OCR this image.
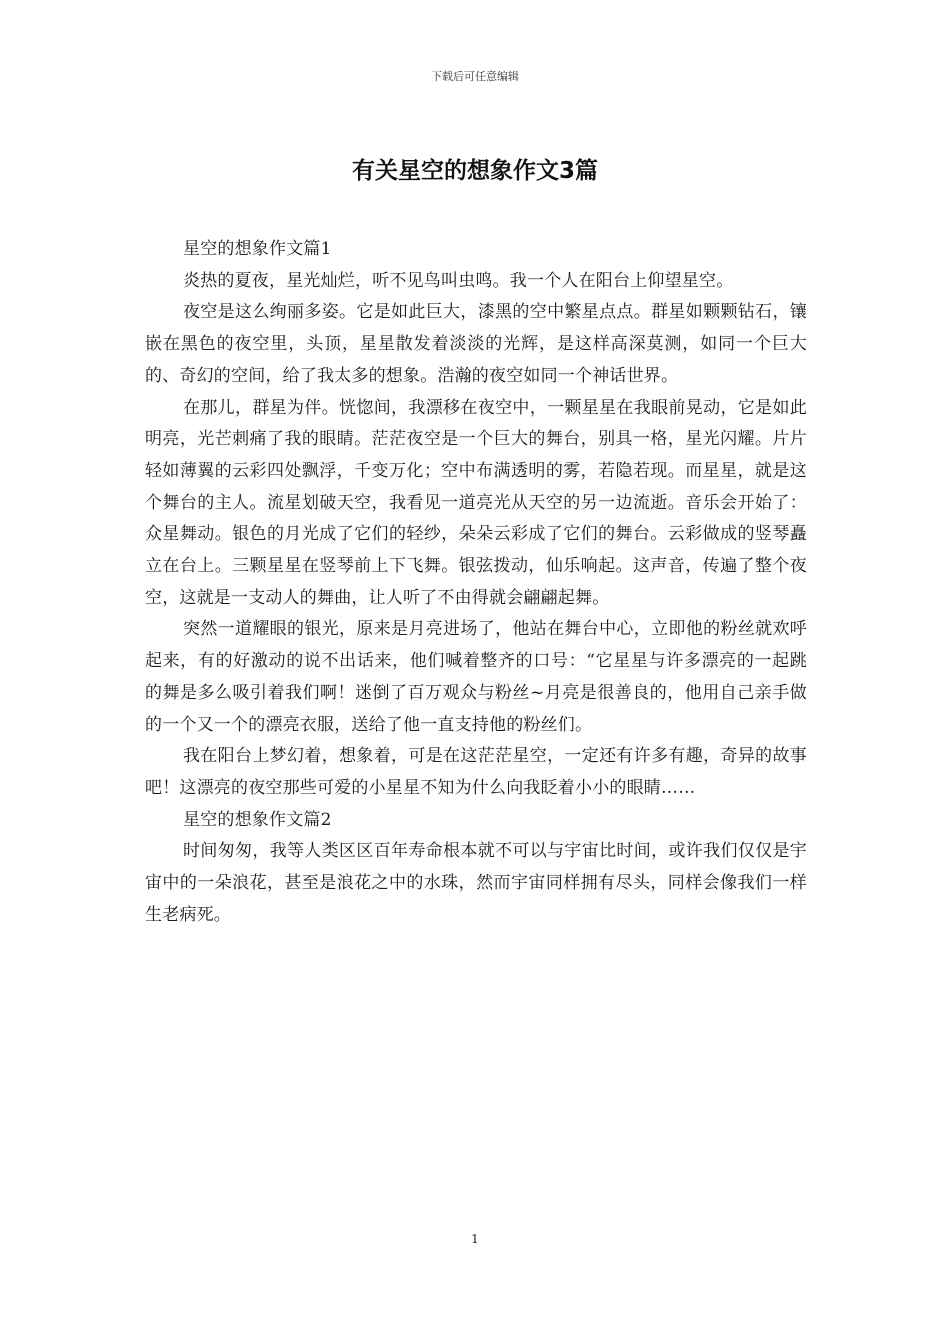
下载后可任意编辑
有关星空的想象作文3篇

星空的想象作文篇1

炎热的夏夜，星光灿烂，听不见鸟叫虫鸣。我一个人在阳台上仰望星空。

夜空是这么绚丽多姿。它是如此巨大，漆黑的空中繁星点点。群星如颗颗钻石，镶嵌在黑色的夜空里，头顶，星星散发着淡淡的光辉，是这样高深莫测，如同一个巨大的、奇幻的空间，给了我太多的想象。浩瀚的夜空如同一个神话世界。

在那儿，群星为伴。恍惚间，我漂移在夜空中，一颗星星在我眼前晃动，它是如此明亮，光芒刺痛了我的眼睛。茫茫夜空是一个巨大的舞台，别具一格，星光闪耀。片片轻如薄翼的云彩四处飘浮，千变万化；空中布满透明的雾，若隐若现。而星星，就是这个舞台的主人。流星划破天空，我看见一道亮光从天空的另一边流逝。音乐会开始了：众星舞动。银色的月光成了它们的轻纱，朵朵云彩成了它们的舞台。云彩做成的竖琴矗立在台上。三颗星星在竖琴前上下飞舞。银弦拨动，仙乐响起。这声音，传遍了整个夜空，这就是一支动人的舞曲，让人听了不由得就会翩翩起舞。

突然一道耀眼的银光，原来是月亮进场了，他站在舞台中心，立即他的粉丝就欢呼起来，有的好激动的说不出话来，他们喊着整齐的口号：“它星星与许多漂亮的一起跳的舞是多么吸引着我们啊！迷倒了百万观众与粉丝~月亮是很善良的，他用自己亲手做的一个又一个的漂亮衣服，送给了他一直支持他的粉丝们。

我在阳台上梦幻着，想象着，可是在这茫茫星空，一定还有许多有趣，奇异的故事吧！这漂亮的夜空那些可爱的小星星不知为什么向我眨着小小的眼睛……

星空的想象作文篇2

时间匆匆，我等人类区区百年寿命根本就不可以与宇宙比时间，或许我们仅仅是宇宙中的一朵浪花，甚至是浪花之中的水珠，然而宇宙同样拥有尽头，同样会像我们一样生老病死。

1
